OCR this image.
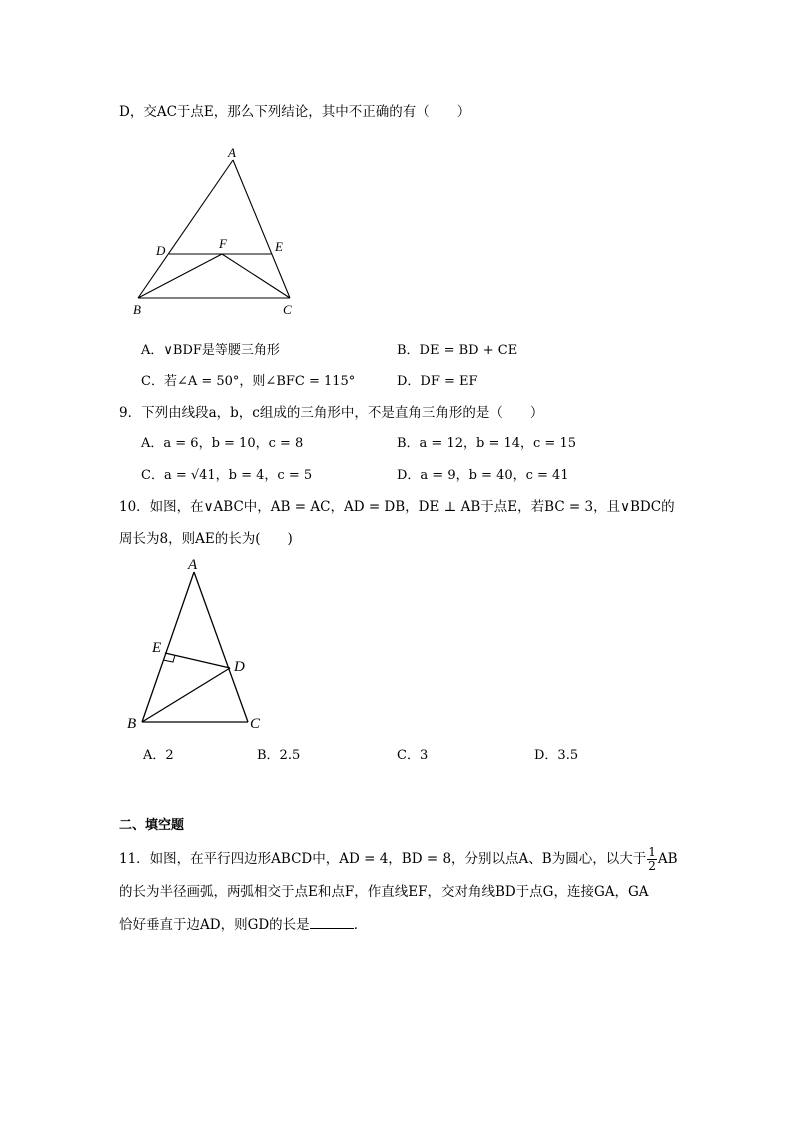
D，交AC于点E，那么下列结论，其中不正确的有（　　）
A
D	F	E
B	C
A．∨BDF是等腰三角形	B．DE = BD + CE
C．若∠A = 50°，则∠BFC = 115°	D．DF = EF
9．下列由线段a，b，c组成的三角形中，不是直角三角形的是（　　）
A．a = 6，b = 10，c = 8	B．a = 12，b = 14，c = 15
C．a = √41，b = 4，c = 5	D．a = 9，b = 40，c = 41
10．如图，在∨ABC中，AB = AC，AD = DB，DE ⊥ AB于点E，若BC = 3，且∨BDC的
周长为8，则AE的长为(　　)
A
E
D
B	C
A．2	B．2.5	C．3	D．3.5
二、填空题
11．如图，在平行四边形ABCD中，AD = 4，BD = 8，分别以点A、B为圆心，以大于 $\frac{1}{2}$ AB
的长为半径画弧，两弧相交于点E和点F，作直线EF，交对角线BD于点G，连接GA，GA
恰好垂直于边AD，则GD的长是	．
